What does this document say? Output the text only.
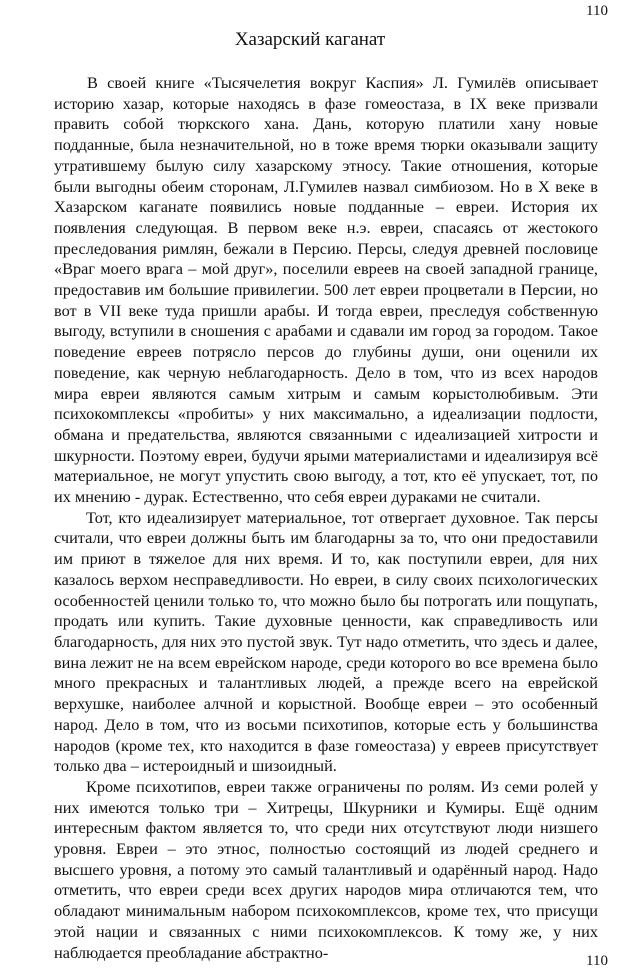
110
Хазарский каганат

В своей книге «Тысячелетия вокруг Каспия» Л. Гумилёв описывает историю хазар, которые находясь в фазе гомеостаза, в IX веке призвали править собой тюркского хана. Дань, которую платили хану новые подданные, была незначительной, но в тоже время тюрки оказывали защиту утратившему былую силу хазарскому этносу. Такие отношения, которые были выгодны обеим сторонам, Л.Гумилев назвал симбиозом. Но в X веке в Хазарском каганате появились новые подданные – евреи. История их появления следующая. В первом веке н.э. евреи, спасаясь от жестокого преследования римлян, бежали в Персию. Персы, следуя древней пословице «Враг моего врага – мой друг», поселили евреев на своей западной границе, предоставив им большие привилегии. 500 лет евреи процветали в Персии, но вот в VII веке туда пришли арабы. И тогда евреи, преследуя собственную выгоду, вступили в сношения с арабами и сдавали им город за городом. Такое поведение евреев потрясло персов до глубины души, они оценили их поведение, как черную неблагодарность. Дело в том, что из всех народов мира евреи являются самым хитрым и самым корыстолюбивым. Эти психокомплексы «пробиты» у них максимально, а идеализации подлости, обмана и предательства, являются связанными с идеализацией хитрости и шкурности. Поэтому евреи, будучи ярыми материалистами и идеализируя всё материальное, не могут упустить свою выгоду, а тот, кто её упускает, тот, по их мнению - дурак. Естественно, что себя евреи дураками не считали.

Тот, кто идеализирует материальное, тот отвергает духовное. Так персы считали, что евреи должны быть им благодарны за то, что они предоставили им приют в тяжелое для них время. И то, как поступили евреи, для них казалось верхом несправедливости. Но евреи, в силу своих психологических особенностей ценили только то, что можно было бы потрогать или пощупать, продать или купить. Такие духовные ценности, как справедливость или благодарность, для них это пустой звук. Тут надо отметить, что здесь и далее, вина лежит не на всем еврейском народе, среди которого во все времена было много прекрасных и талантливых людей, а прежде всего на еврейской верхушке, наиболее алчной и корыстной. Вообще евреи – это особенный народ. Дело в том, что из восьми психотипов, которые есть у большинства народов (кроме тех, кто находится в фазе гомеостаза) у евреев присутствует только два – истероидный и шизоидный.

Кроме психотипов, евреи также ограничены по ролям. Из семи ролей у них имеются только три – Хитрецы, Шкурники и Кумиры. Ещё одним интересным фактом является то, что среди них отсутствуют люди низшего уровня. Евреи – это этнос, полностью состоящий из людей среднего и высшего уровня, а потому это самый талантливый и одарённый народ. Надо отметить, что евреи среди всех других народов мира отличаются тем, что обладают минимальным набором психокомплексов, кроме тех, что присущи этой нации и связанных с ними психокомплексов. К тому же, у них наблюдается преобладание абстрактно-	110
